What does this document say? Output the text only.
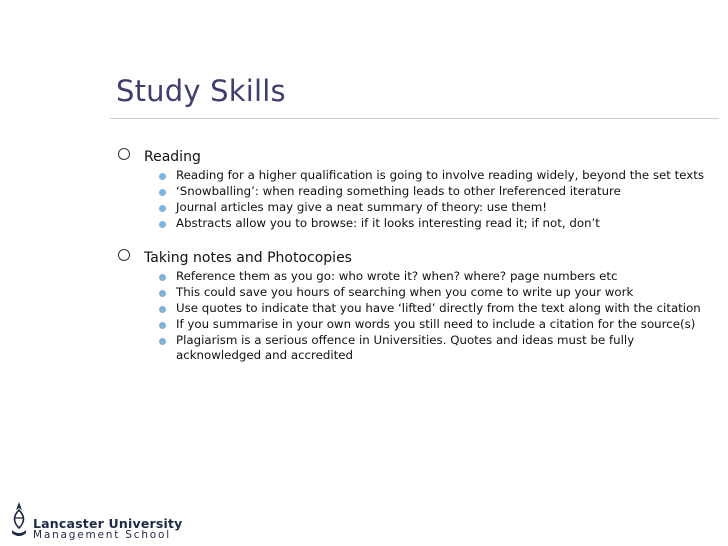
Study Skills
Reading
Reading for a higher qualification is going to involve reading widely, beyond the set texts
‘Snowballing’: when reading something leads to other lreferenced iterature
Journal articles may give a neat summary of theory: use them!
Abstracts allow you to browse: if it looks interesting read it; if not, don’t
Taking notes and Photocopies
Reference them as you go: who wrote it? when? where? page numbers etc
This could save you hours of searching when you come to write up your work
Use quotes to indicate that you have ‘lifted’ directly from the text along with the citation
If you summarise in your own words you still need to include a citation for the source(s)
Plagiarism is a serious offence in Universities. Quotes and ideas must be fully acknowledged and accredited
Lancaster University
Management School
